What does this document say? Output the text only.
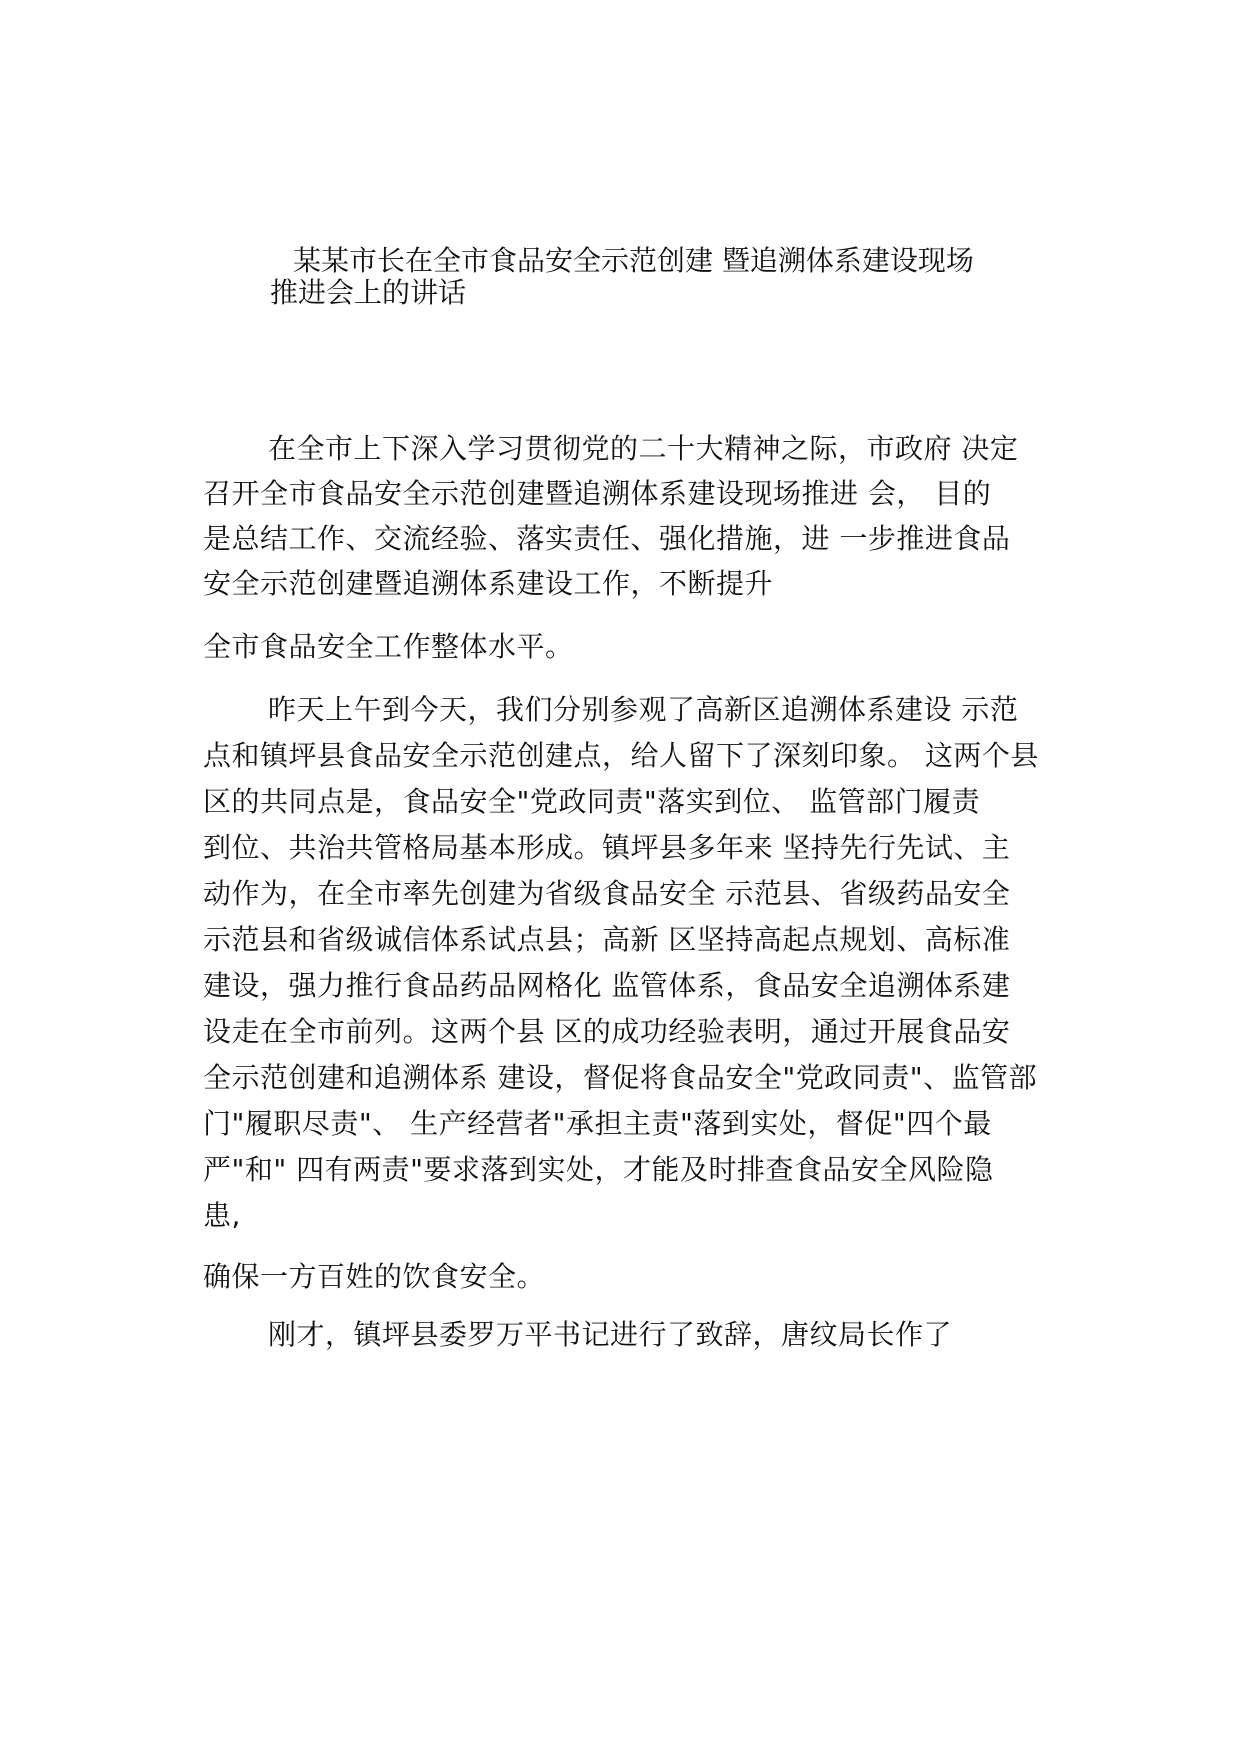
某某市长在全市食品安全示范创建 暨追溯体系建设现场
推进会上的讲话
在全市上下深入学习贯彻党的二十大精神之际，市政府 决定
召开全市食品安全示范创建暨追溯体系建设现场推进 会， 目的
是总结工作、交流经验、落实责任、强化措施，进 一步推进食品
安全示范创建暨追溯体系建设工作，不断提升
全市食品安全工作整体水平。
昨天上午到今天，我们分别参观了高新区追溯体系建设 示范
点和镇坪县食品安全示范创建点，给人留下了深刻印象。 这两个县
区的共同点是，食品安全"党政同责"落实到位、 监管部门履责
到位、共治共管格局基本形成。镇坪县多年来 坚持先行先试、主
动作为，在全市率先创建为省级食品安全 示范县、省级药品安全
示范县和省级诚信体系试点县；高新 区坚持高起点规划、高标准
建设，强力推行食品药品网格化 监管体系，食品安全追溯体系建
设走在全市前列。这两个县 区的成功经验表明，通过开展食品安
全示范创建和追溯体系 建设，督促将食品安全"党政同责"、监管部
门"履职尽责"、 生产经营者"承担主责"落到实处，督促"四个最
严"和" 四有两责"要求落到实处，才能及时排查食品安全风险隐
患,
确保一方百姓的饮食安全。
刚才，镇坪县委罗万平书记进行了致辞，唐纹局长作了
